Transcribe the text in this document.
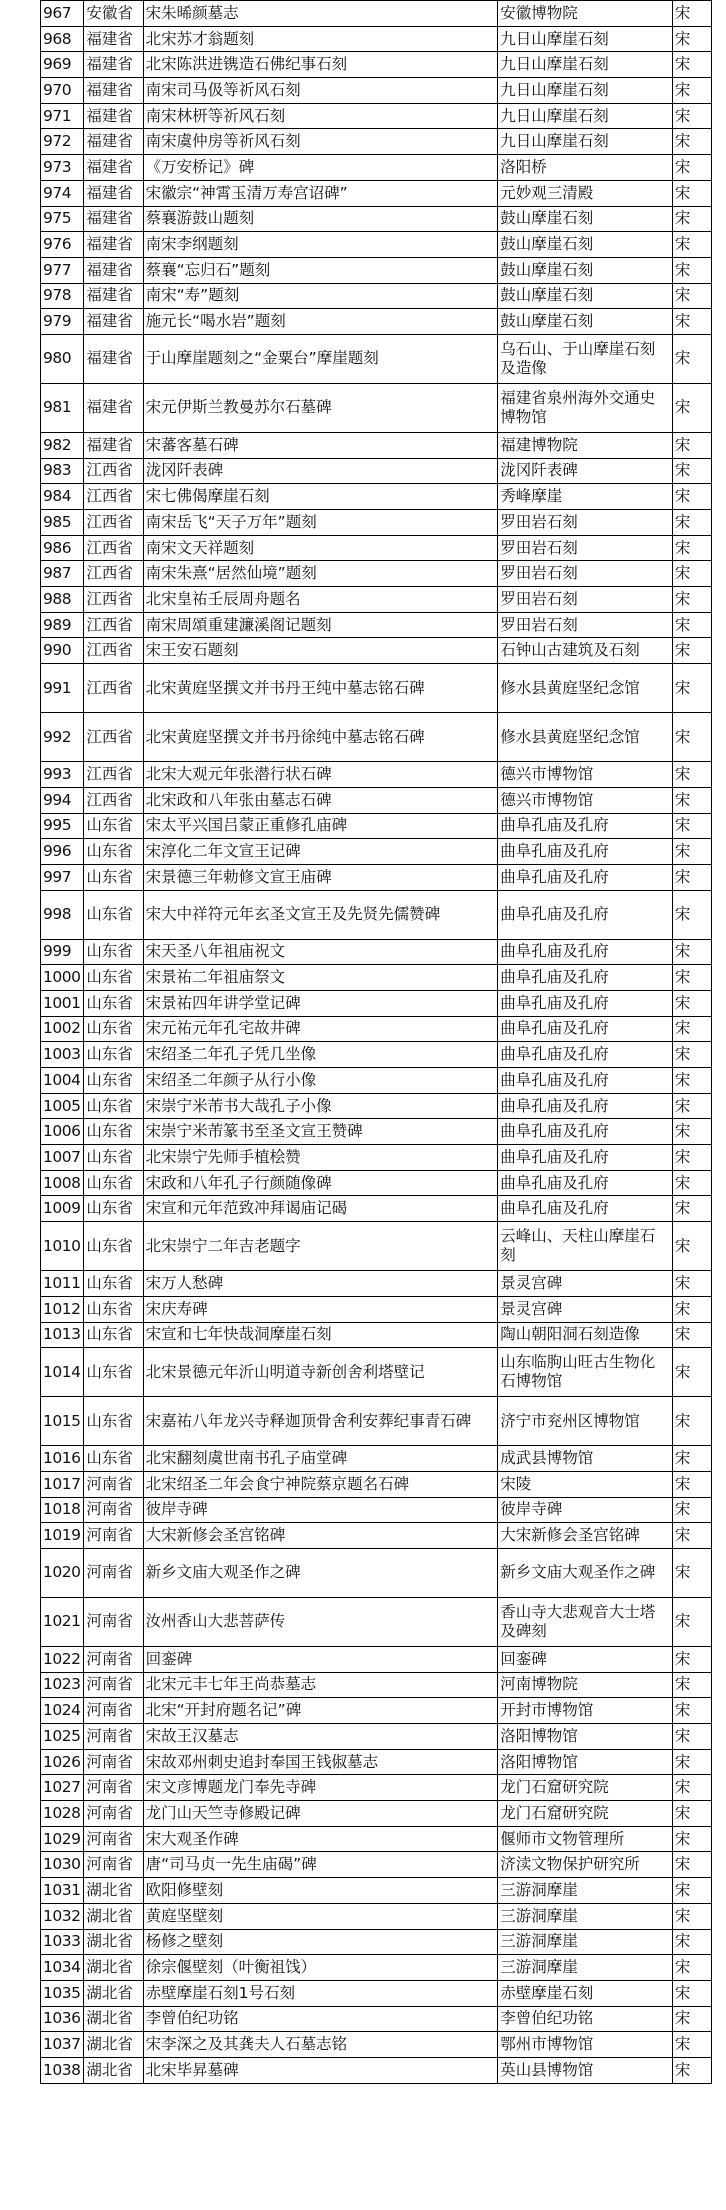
967	安徽省	宋朱晞颜墓志	安徽博物院	宋
968	福建省	北宋苏才翁题刻	九日山摩崖石刻	宋
969	福建省	北宋陈洪进镌造石佛纪事石刻	九日山摩崖石刻	宋
970	福建省	南宋司马伋等祈风石刻	九日山摩崖石刻	宋
971	福建省	南宋林枅等祈风石刻	九日山摩崖石刻	宋
972	福建省	南宋虞仲房等祈风石刻	九日山摩崖石刻	宋
973	福建省	《万安桥记》碑	洛阳桥	宋
974	福建省	宋徽宗“神霄玉清万寿宫诏碑”	元妙观三清殿	宋
975	福建省	蔡襄游鼓山题刻	鼓山摩崖石刻	宋
976	福建省	南宋李纲题刻	鼓山摩崖石刻	宋
977	福建省	蔡襄“忘归石”题刻	鼓山摩崖石刻	宋
978	福建省	南宋“寿”题刻	鼓山摩崖石刻	宋
979	福建省	施元长“喝水岩”题刻	鼓山摩崖石刻	宋
980	福建省	于山摩崖题刻之“金粟台”摩崖题刻	乌石山、于山摩崖石刻及造像	宋
981	福建省	宋元伊斯兰教曼苏尔石墓碑	福建省泉州海外交通史博物馆	宋
982	福建省	宋蕃客墓石碑	福建博物院	宋
983	江西省	泷冈阡表碑	泷冈阡表碑	宋
984	江西省	宋七佛偈摩崖石刻	秀峰摩崖	宋
985	江西省	南宋岳飞“天子万年”题刻	罗田岩石刻	宋
986	江西省	南宋文天祥题刻	罗田岩石刻	宋
987	江西省	南宋朱熹“居然仙境”题刻	罗田岩石刻	宋
988	江西省	北宋皇祐壬辰周舟题名	罗田岩石刻	宋
989	江西省	南宋周頌重建濂溪阁记题刻	罗田岩石刻	宋
990	江西省	宋王安石题刻	石钟山古建筑及石刻	宋
991	江西省	北宋黄庭坚撰文并书丹王纯中墓志铭石碑	修水县黄庭坚纪念馆	宋
992	江西省	北宋黄庭坚撰文并书丹徐纯中墓志铭石碑	修水县黄庭坚纪念馆	宋
993	江西省	北宋大观元年张潜行状石碑	德兴市博物馆	宋
994	江西省	北宋政和八年张由墓志石碑	德兴市博物馆	宋
995	山东省	宋太平兴国吕蒙正重修孔庙碑	曲阜孔庙及孔府	宋
996	山东省	宋淳化二年文宣王记碑	曲阜孔庙及孔府	宋
997	山东省	宋景德三年勅修文宣王庙碑	曲阜孔庙及孔府	宋
998	山东省	宋大中祥符元年玄圣文宣王及先贤先儒赞碑	曲阜孔庙及孔府	宋
999	山东省	宋天圣八年祖庙祝文	曲阜孔庙及孔府	宋
1000	山东省	宋景祐二年祖庙祭文	曲阜孔庙及孔府	宋
1001	山东省	宋景祐四年讲学堂记碑	曲阜孔庙及孔府	宋
1002	山东省	宋元祐元年孔宅故井碑	曲阜孔庙及孔府	宋
1003	山东省	宋绍圣二年孔子凭几坐像	曲阜孔庙及孔府	宋
1004	山东省	宋绍圣二年颜子从行小像	曲阜孔庙及孔府	宋
1005	山东省	宋崇宁米芾书大哉孔子小像	曲阜孔庙及孔府	宋
1006	山东省	宋崇宁米芾篆书至圣文宣王赞碑	曲阜孔庙及孔府	宋
1007	山东省	北宋崇宁先师手植桧赞	曲阜孔庙及孔府	宋
1008	山东省	宋政和八年孔子行颜随像碑	曲阜孔庙及孔府	宋
1009	山东省	宋宣和元年范致冲拜谒庙记碣	曲阜孔庙及孔府	宋
1010	山东省	北宋崇宁二年吉老题字	云峰山、天柱山摩崖石刻	宋
1011	山东省	宋万人愁碑	景灵宫碑	宋
1012	山东省	宋庆寿碑	景灵宫碑	宋
1013	山东省	宋宣和七年快哉洞摩崖石刻	陶山朝阳洞石刻造像	宋
1014	山东省	北宋景德元年沂山明道寺新创舍利塔壁记	山东临朐山旺古生物化石博物馆	宋
1015	山东省	宋嘉祐八年龙兴寺释迦顶骨舍利安葬纪事青石碑	济宁市兖州区博物馆	宋
1016	山东省	北宋翻刻虞世南书孔子庙堂碑	成武县博物馆	宋
1017	河南省	北宋绍圣二年会食宁神院蔡京题名石碑	宋陵	宋
1018	河南省	彼岸寺碑	彼岸寺碑	宋
1019	河南省	大宋新修会圣宫铭碑	大宋新修会圣宫铭碑	宋
1020	河南省	新乡文庙大观圣作之碑	新乡文庙大观圣作之碑	宋
1021	河南省	汝州香山大悲菩萨传	香山寺大悲观音大士塔及碑刻	宋
1022	河南省	回銮碑	回銮碑	宋
1023	河南省	北宋元丰七年王尚恭墓志	河南博物院	宋
1024	河南省	北宋“开封府题名记”碑	开封市博物馆	宋
1025	河南省	宋故王汉墓志	洛阳博物馆	宋
1026	河南省	宋故邓州刺史追封奉国王钱俶墓志	洛阳博物馆	宋
1027	河南省	宋文彦博题龙门奉先寺碑	龙门石窟研究院	宋
1028	河南省	龙门山天竺寺修殿记碑	龙门石窟研究院	宋
1029	河南省	宋大观圣作碑	偃师市文物管理所	宋
1030	河南省	唐“司马贞一先生庙碣”碑	济渎文物保护研究所	宋
1031	湖北省	欧阳修壁刻	三游洞摩崖	宋
1032	湖北省	黄庭坚壁刻	三游洞摩崖	宋
1033	湖北省	杨修之壁刻	三游洞摩崖	宋
1034	湖北省	徐宗偃壁刻（叶衡祖饯）	三游洞摩崖	宋
1035	湖北省	赤壁摩崖石刻1号石刻	赤壁摩崖石刻	宋
1036	湖北省	李曾伯纪功铭	李曾伯纪功铭	宋
1037	湖北省	宋李深之及其龚夫人石墓志铭	鄂州市博物馆	宋
1038	湖北省	北宋毕昇墓碑	英山县博物馆	宋
